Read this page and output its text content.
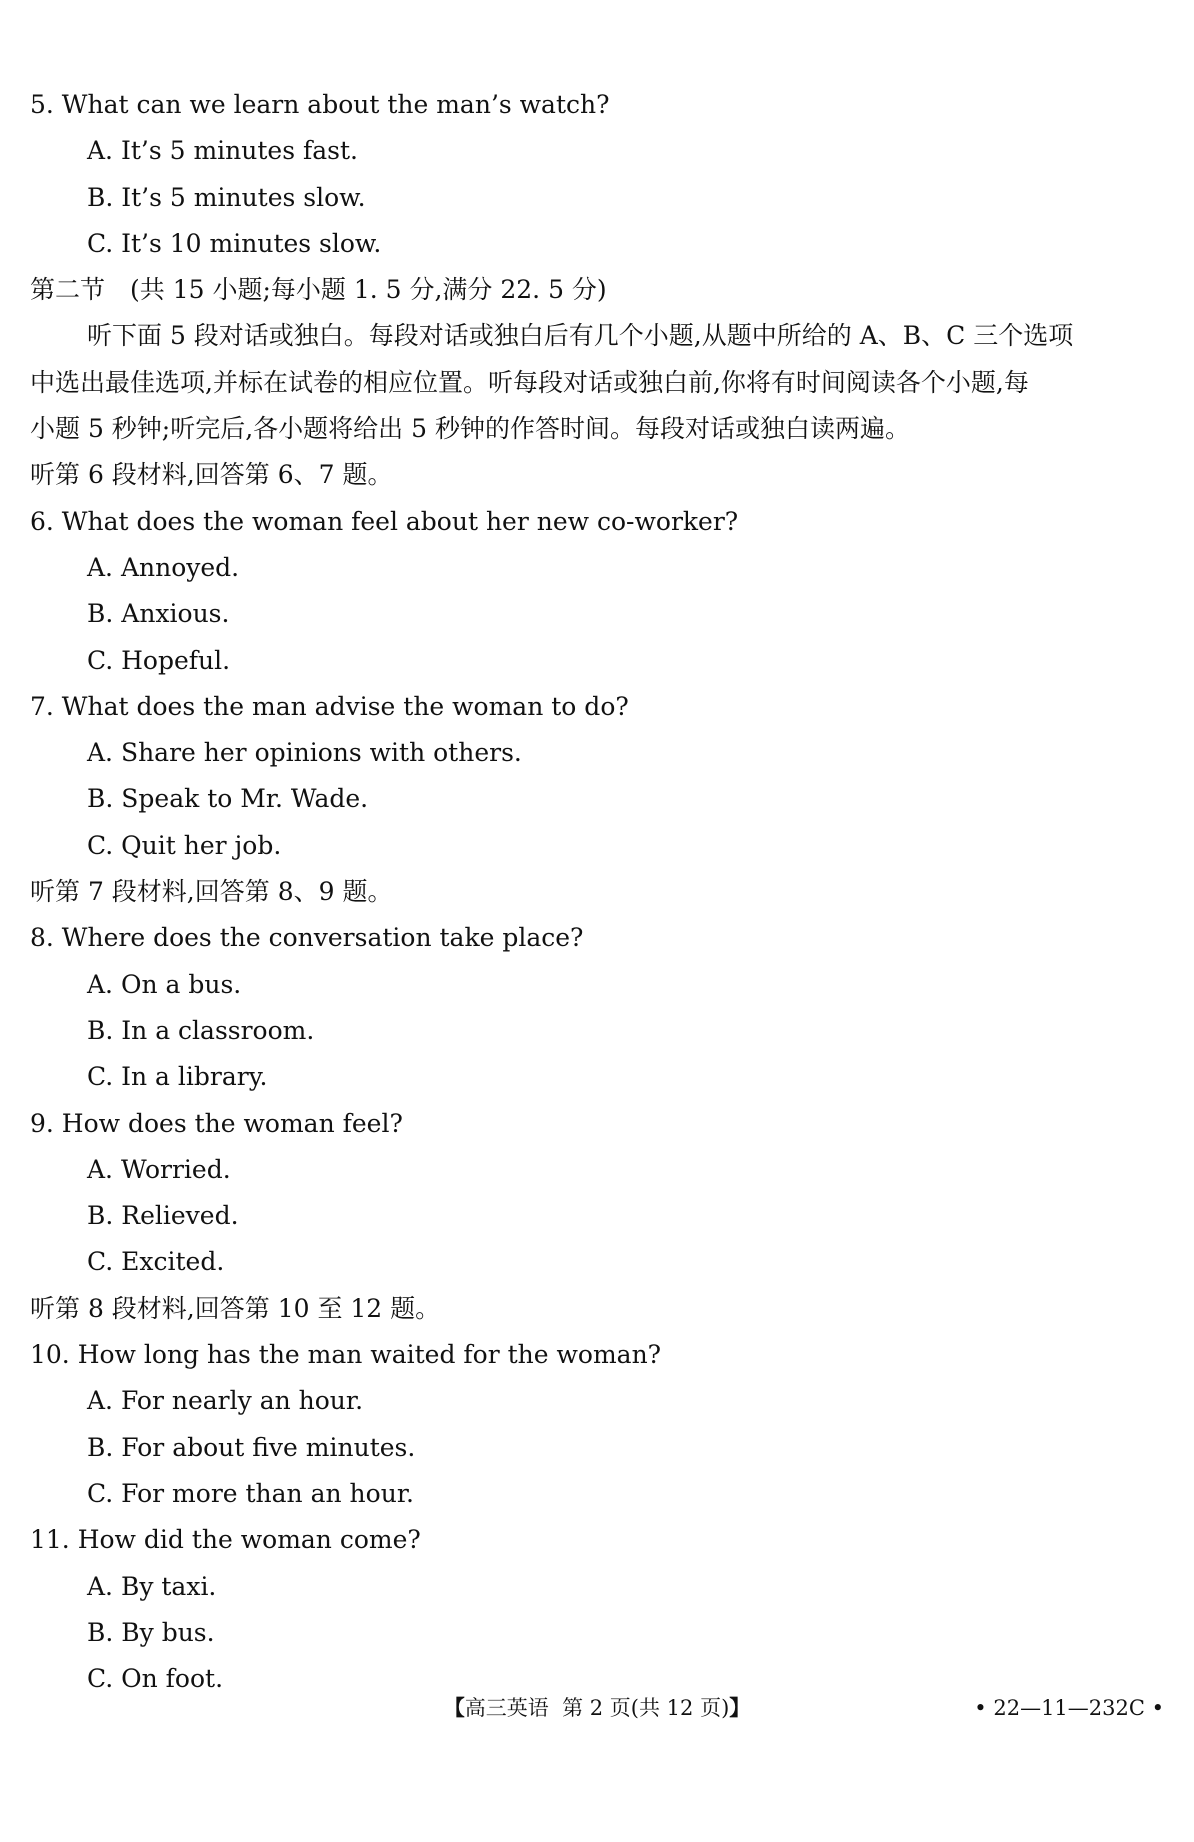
5. What can we learn about the man’s watch?
A. It’s 5 minutes fast.
B. It’s 5 minutes slow.
C. It’s 10 minutes slow.
第二节　(共 15 小题;每小题 1. 5 分,满分 22. 5 分)
听下面 5 段对话或独白。每段对话或独白后有几个小题,从题中所给的 A、B、C 三个选项
中选出最佳选项,并标在试卷的相应位置。听每段对话或独白前,你将有时间阅读各个小题,每
小题 5 秒钟;听完后,各小题将给出 5 秒钟的作答时间。每段对话或独白读两遍。
听第 6 段材料,回答第 6、7 题。
6. What does the woman feel about her new co-worker?
A. Annoyed.
B. Anxious.
C. Hopeful.
7. What does the man advise the woman to do?
A. Share her opinions with others.
B. Speak to Mr. Wade.
C. Quit her job.
听第 7 段材料,回答第 8、9 题。
8. Where does the conversation take place?
A. On a bus.
B. In a classroom.
C. In a library.
9. How does the woman feel?
A. Worried.
B. Relieved.
C. Excited.
听第 8 段材料,回答第 10 至 12 题。
10. How long has the man waited for the woman?
A. For nearly an hour.
B. For about five minutes.
C. For more than an hour.
11. How did the woman come?
A. By taxi.
B. By bus.
C. On foot.
【高三英语 第 2 页(共 12 页)】	• 22—11—232C •
